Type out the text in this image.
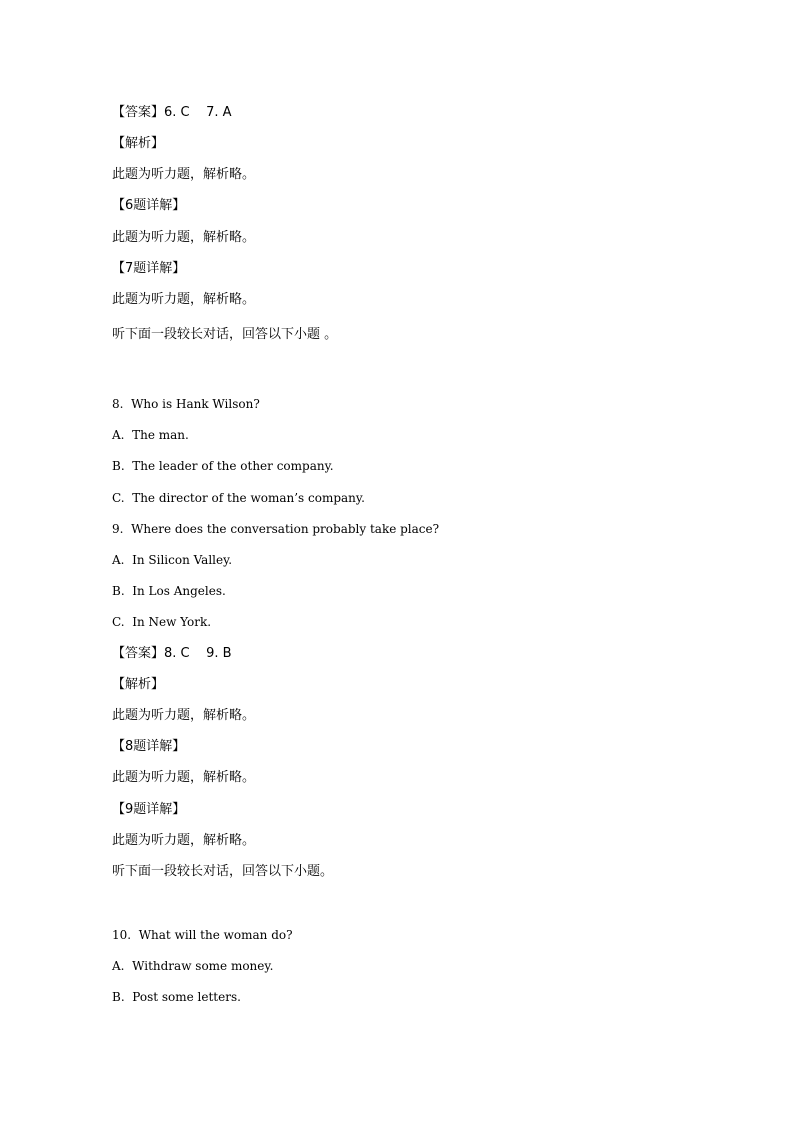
【答案】6. C    7. A
【解析】
此题为听力题，解析略。
【6题详解】
此题为听力题，解析略。
【7题详解】
此题为听力题，解析略。
听下面一段较长对话，回答以下小题 。
8.  Who is Hank Wilson?
A.  The man.
B.  The leader of the other company.
C.  The director of the woman’s company.
9.  Where does the conversation probably take place?
A.  In Silicon Valley.
B.  In Los Angeles.
C.  In New York.
【答案】8. C    9. B
【解析】
此题为听力题，解析略。
【8题详解】
此题为听力题，解析略。
【9题详解】
此题为听力题，解析略。
听下面一段较长对话，回答以下小题。
10.  What will the woman do?
A.  Withdraw some money.
B.  Post some letters.
